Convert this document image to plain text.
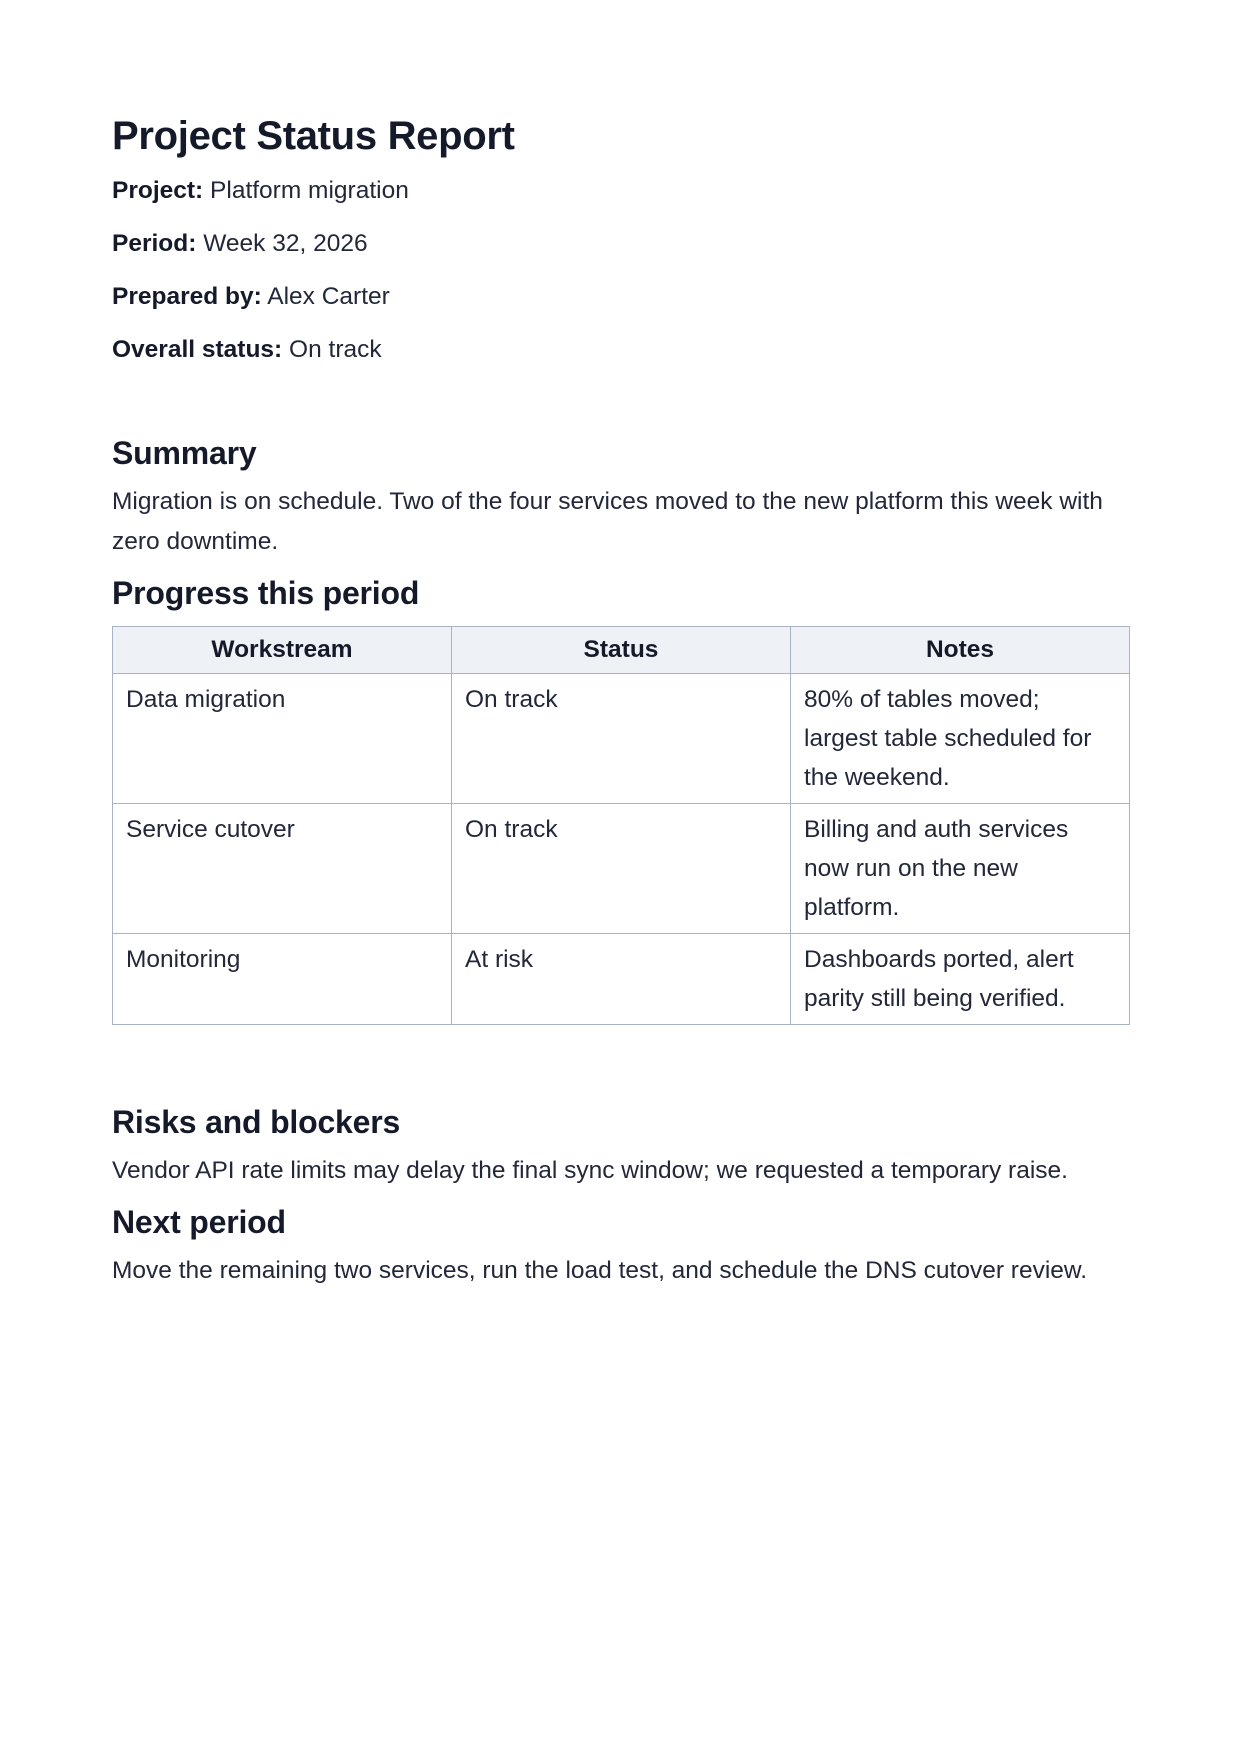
Project Status Report

Project: Platform migration

Period: Week 32, 2026

Prepared by: Alex Carter

Overall status: On track

Summary

Migration is on schedule. Two of the four services moved to the new platform this week with zero downtime.

Progress this period
Workstream	Status	Notes
Data migration	On track	80% of tables moved; largest table scheduled for the weekend.
Service cutover	On track	Billing and auth services now run on the new platform.
Monitoring	At risk	Dashboards ported, alert parity still being verified.
Risks and blockers

Vendor API rate limits may delay the final sync window; we requested a temporary raise.

Next period

Move the remaining two services, run the load test, and schedule the DNS cutover review.
